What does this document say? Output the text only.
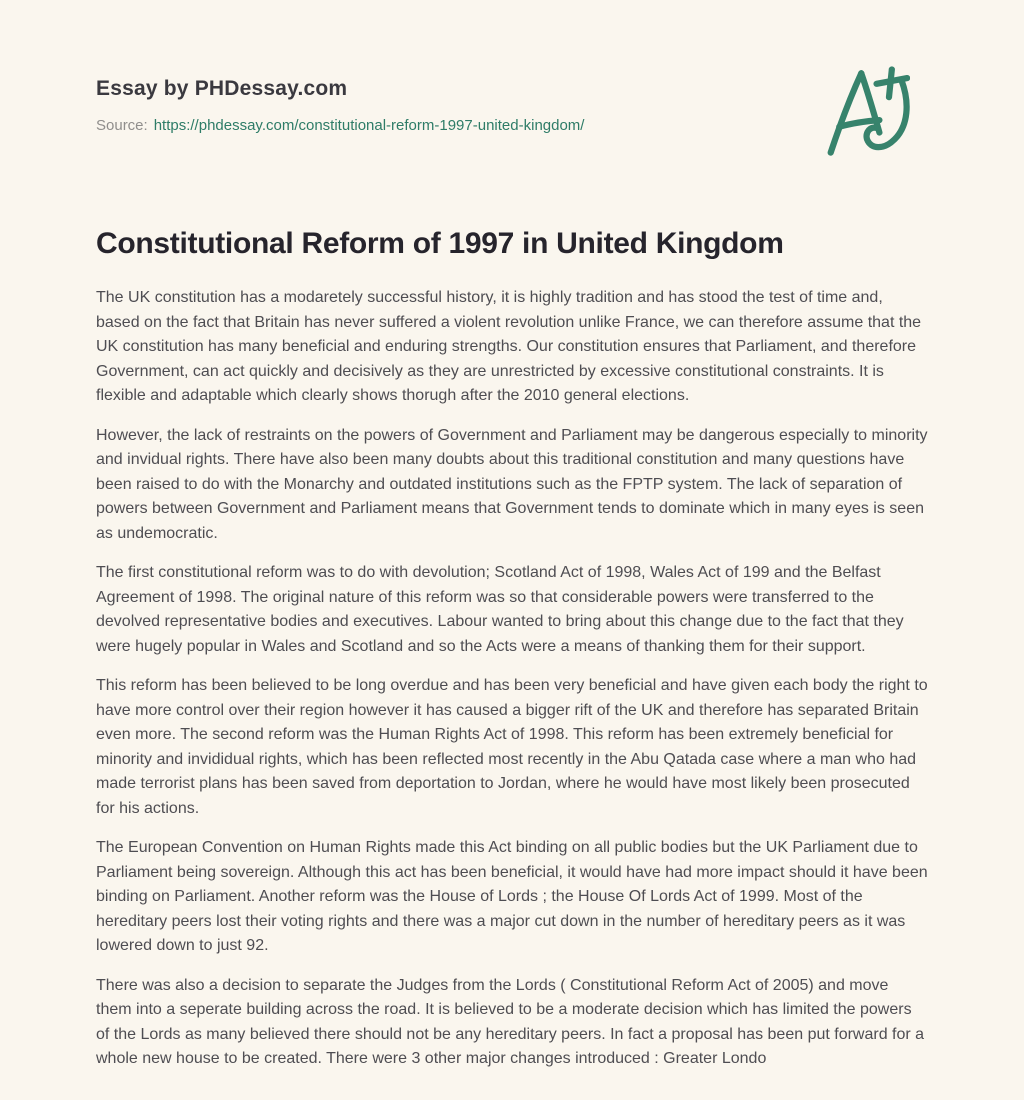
Essay by PHDessay.com
Source: https://phdessay.com/constitutional-reform-1997-united-kingdom/
Constitutional Reform of 1997 in United Kingdom

The UK constitution has a modaretely successful history, it is highly tradition and has stood the test of time and, based on the fact that Britain has never suffered a violent revolution unlike France, we can therefore assume that the UK constitution has many beneficial and enduring strengths. Our constitution ensures that Parliament, and therefore Government, can act quickly and decisively as they are unrestricted by excessive constitutional constraints. It is flexible and adaptable which clearly shows thorugh after the 2010 general elections.

However, the lack of restraints on the powers of Government and Parliament may be dangerous especially to minority and invidual rights. There have also been many doubts about this traditional constitution and many questions have been raised to do with the Monarchy and outdated institutions such as the FPTP system. The lack of separation of powers between Government and Parliament means that Government tends to dominate which in many eyes is seen as undemocratic.

The first constitutional reform was to do with devolution; Scotland Act of 1998, Wales Act of 199 and the Belfast Agreement of 1998. The original nature of this reform was so that considerable powers were transferred to the devolved representative bodies and executives. Labour wanted to bring about this change due to the fact that they were hugely popular in Wales and Scotland and so the Acts were a means of thanking them for their support.

This reform has been believed to be long overdue and has been very beneficial and have given each body the right to have more control over their region however it has caused a bigger rift of the UK and therefore has separated Britain even more. The second reform was the Human Rights Act of 1998. This reform has been extremely beneficial for minority and invididual rights, which has been reflected most recently in the Abu Qatada case where a man who had made terrorist plans has been saved from deportation to Jordan, where he would have most likely been prosecuted for his actions.

The European Convention on Human Rights made this Act binding on all public bodies but the UK Parliament due to Parliament being sovereign. Although this act has been beneficial, it would have had more impact should it have been binding on Parliament. Another reform was the House of Lords ; the House Of Lords Act of 1999. Most of the hereditary peers lost their voting rights and there was a major cut down in the number of hereditary peers as it was lowered down to just 92.

There was also a decision to separate the Judges from the Lords ( Constitutional Reform Act of 2005) and move them into a seperate building across the road. It is believed to be a moderate decision which has limited the powers of the Lords as many believed there should not be any hereditary peers. In fact a proposal has been put forward for a whole new house to be created. There were 3 other major changes introduced : Greater Londo
